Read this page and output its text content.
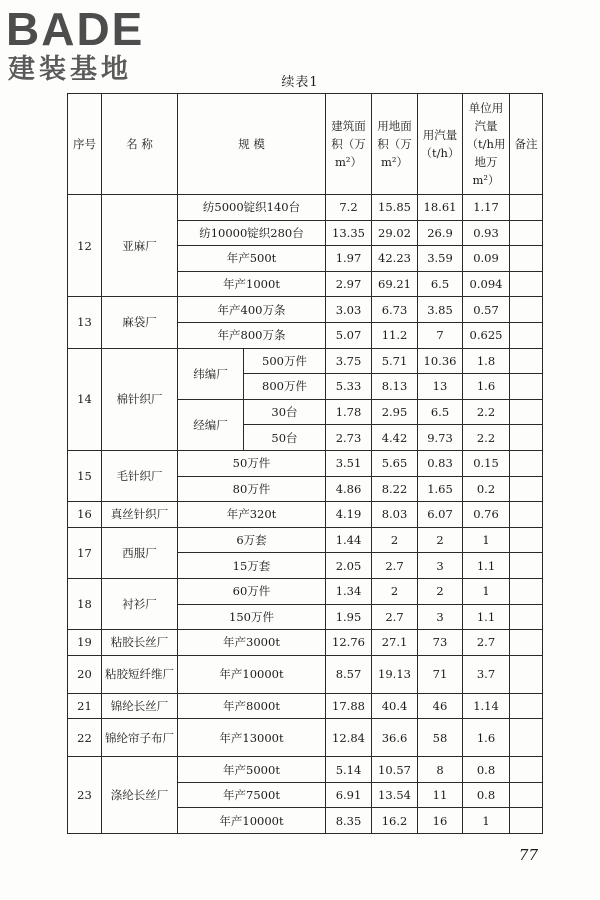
BADE
建装基地	续表1
序号	名 称	规 模		建筑面积（万m²）	用地面积（万m²）	用汽量（t/h）	单位用汽量（t/h用地万m²）	备注
12	亚麻厂	纺5000锭织140台		7.2	15.85	18.61	1.17	
		纺10000锭织280台		13.35	29.02	26.9	0.93	
		年产500t		1.97	42.23	3.59	0.09	
		年产1000t		2.97	69.21	6.5	0.094	
13	麻袋厂	年产400万条		3.03	6.73	3.85	0.57	
		年产800万条		5.07	11.2	7	0.625	
14	棉针织厂	纬编厂	500万件	3.75	5.71	10.36	1.8	
			800万件	5.33	8.13	13	1.6	
		经编厂	30台	1.78	2.95	6.5	2.2	
			50台	2.73	4.42	9.73	2.2	
15	毛针织厂	50万件		3.51	5.65	0.83	0.15	
		80万件		4.86	8.22	1.65	0.2	
16	真丝针织厂	年产320t		4.19	8.03	6.07	0.76	
17	西服厂	6万套		1.44	2	2	1	
		15万套		2.05	2.7	3	1.1	
18	衬衫厂	60万件		1.34	2	2	1	
		150万件		1.95	2.7	3	1.1	
19	粘胶长丝厂	年产3000t		12.76	27.1	73	2.7	
20	粘胶短纤维厂	年产10000t		8.57	19.13	71	3.7	
21	锦纶长丝厂	年产8000t		17.88	40.4	46	1.14	
22	锦纶帘子布厂	年产13000t		12.84	36.6	58	1.6	
23	涤纶长丝厂	年产5000t		5.14	10.57	8	0.8	
		年产7500t		6.91	13.54	11	0.8	
		年产10000t		8.35	16.2	16	1	
77
